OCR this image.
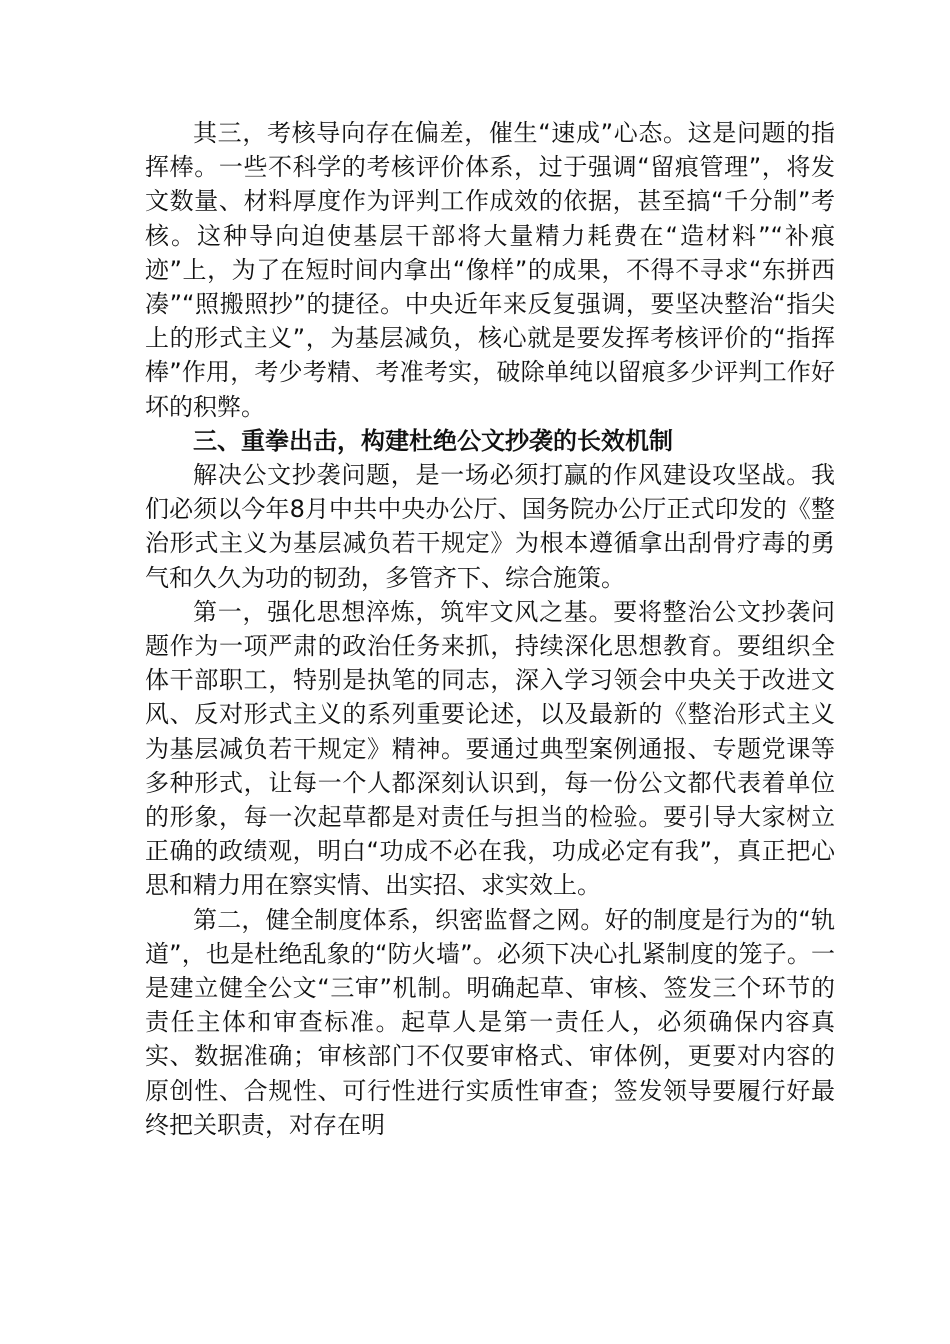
其三，考核导向存在偏差，催生“速成”心态。这是问题的指挥棒。一些不科学的考核评价体系，过于强调“留痕管理”，将发文数量、材料厚度作为评判工作成效的依据，甚至搞“千分制”考核。这种导向迫使基层干部将大量精力耗费在“造材料”“补痕迹”上，为了在短时间内拿出“像样”的成果，不得不寻求“东拼西凑”“照搬照抄”的捷径。中央近年来反复强调，要坚决整治“指尖上的形式主义”，为基层减负，核心就是要发挥考核评价的“指挥棒”作用，考少考精、考准考实，破除单纯以留痕多少评判工作好坏的积弊。

三、重拳出击，构建杜绝公文抄袭的长效机制

解决公文抄袭问题，是一场必须打赢的作风建设攻坚战。我们必须以今年8月中共中央办公厅、国务院办公厅正式印发的《整治形式主义为基层减负若干规定》为根本遵循拿出刮骨疗毒的勇气和久久为功的韧劲，多管齐下、综合施策。

第一，强化思想淬炼，筑牢文风之基。要将整治公文抄袭问题作为一项严肃的政治任务来抓，持续深化思想教育。要组织全体干部职工，特别是执笔的同志，深入学习领会中央关于改进文风、反对形式主义的系列重要论述，以及最新的《整治形式主义为基层减负若干规定》精神。要通过典型案例通报、专题党课等多种形式，让每一个人都深刻认识到，每一份公文都代表着单位的形象，每一次起草都是对责任与担当的检验。要引导大家树立正确的政绩观，明白“功成不必在我，功成必定有我”，真正把心思和精力用在察实情、出实招、求实效上。

第二，健全制度体系，织密监督之网。好的制度是行为的“轨道”，也是杜绝乱象的“防火墙”。必须下决心扎紧制度的笼子。一是建立健全公文“三审”机制。明确起草、审核、签发三个环节的责任主体和审查标准。起草人是第一责任人，必须确保内容真实、数据准确；审核部门不仅要审格式、审体例，更要对内容的原创性、合规性、可行性进行实质性审查；签发领导要履行好最终把关职责，对存在明
